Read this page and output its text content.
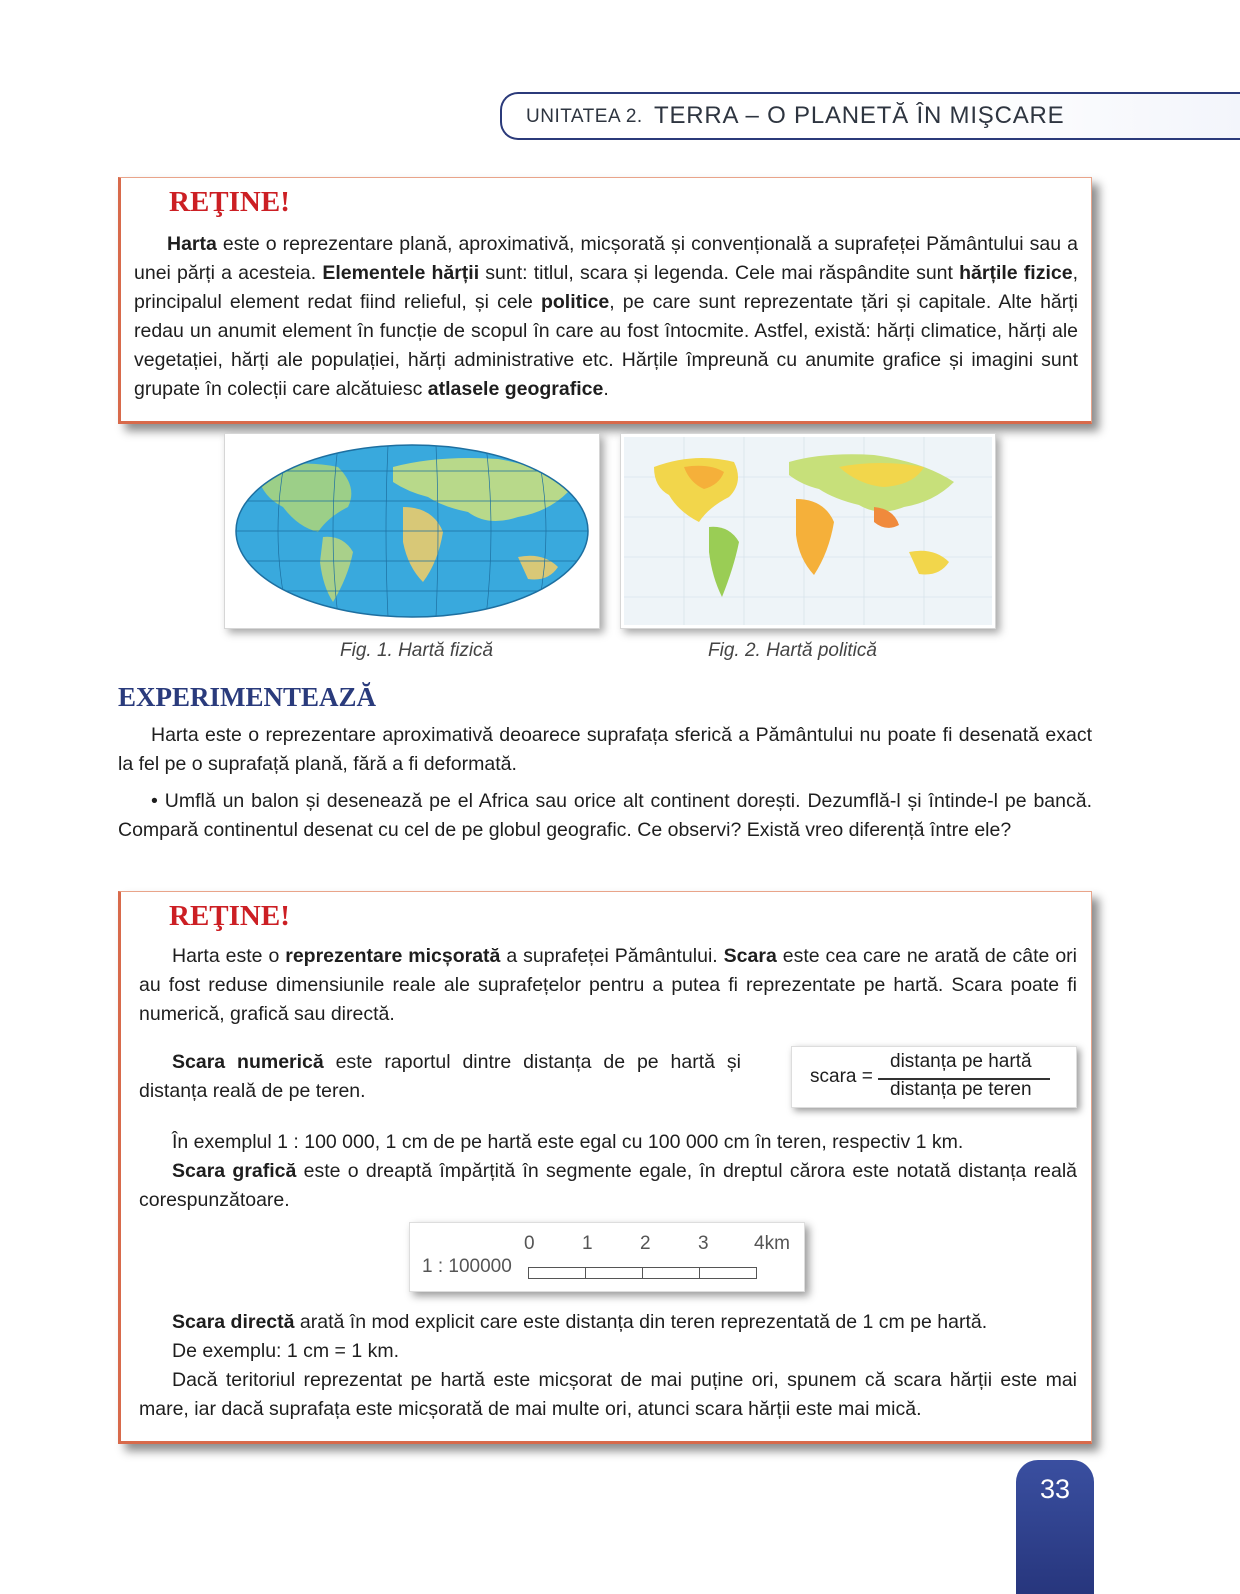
UNITATEA 2. TERRA – O PLANETĂ ÎN MIŞCARE
REŢINE!
Harta este o reprezentare plană, aproximativă, micșorată și convențională a suprafeței Pământului sau a unei părți a acesteia. Elementele hărții sunt: titlul, scara și legenda. Cele mai răspândite sunt hărțile fizice, principalul element redat fiind relieful, și cele politice, pe care sunt reprezentate țări și capitale. Alte hărți redau un anumit element în funcție de scopul în care au fost întocmite. Astfel, există: hărți climatice, hărți ale vegetației, hărți ale populației, hărți administrative etc. Hărțile împreună cu anumite grafice și imagini sunt grupate în colecții care alcătuiesc atlasele geografice.
Fig. 1. Hartă fizică	Fig. 2. Hartă politică
EXPERIMENTEAZĂ
Harta este o reprezentare aproximativă deoarece suprafața sferică a Pământului nu poate fi desenată exact la fel pe o suprafață plană, fără a fi deformată.
• Umflă un balon și desenează pe el Africa sau orice alt continent dorești. Dezumflă-l și întinde-l pe bancă. Compară continentul desenat cu cel de pe globul geografic. Ce observi? Există vreo diferență între ele?
REŢINE!
Harta este o reprezentare micșorată a suprafeței Pământului. Scara este cea care ne arată de câte ori au fost reduse dimensiunile reale ale suprafețelor pentru a putea fi reprezentate pe hartă. Scara poate fi numerică, grafică sau directă.
Scara numerică este raportul dintre distanța de pe hartă și distanța reală de pe teren.
scara =
distanța pe hartă
distanța pe teren
În exemplul 1 : 100 000, 1 cm de pe hartă este egal cu 100 000 cm în teren, respectiv 1 km.
Scara grafică este o dreaptă împărțită în segmente egale, în dreptul cărora este notată distanța reală corespunzătoare.
1 : 100000
0 1 2 3 4km
Scara directă arată în mod explicit care este distanța din teren reprezentată de 1 cm pe hartă.
De exemplu: 1 cm = 1 km.
Dacă teritoriul reprezentat pe hartă este micșorat de mai puține ori, spunem că scara hărții este mai mare, iar dacă suprafața este micșorată de mai multe ori, atunci scara hărții este mai mică.
33
